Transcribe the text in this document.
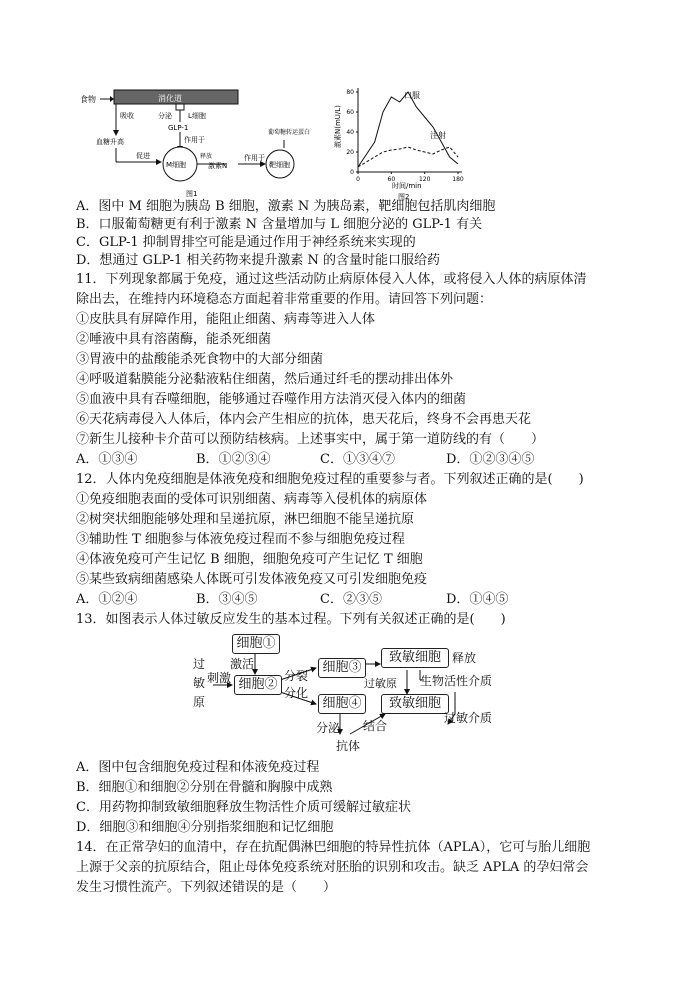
食物	消化道
吸收	分泌 L细胞
GLP-1
作用于
血糖升高
促进
M细胞
释放
激素N
作用于
靶细胞
葡萄糖转运蛋白
图1
0
20
40
60
80
0	60	120	180
激素N(mU/L)
时间/min
口服
注射
图2
A．图中 M 细胞为胰岛 B 细胞，激素 N 为胰岛素，靶细胞包括肌肉细胞
B．口服葡萄糖更有利于激素 N 含量增加与 L 细胞分泌的 GLP-1 有关
C．GLP-1 抑制胃排空可能是通过作用于神经系统来实现的
D．想通过 GLP-1 相关药物来提升激素 N 的含量时能口服给药
11．下列现象都属于免疫，通过这些活动防止病原体侵入人体，或将侵入人体的病原体清
除出去，在维持内环境稳态方面起着非常重要的作用。请回答下列问题：
①皮肤具有屏障作用，能阻止细菌、病毒等进入人体
②唾液中具有溶菌酶，能杀死细菌
③胃液中的盐酸能杀死食物中的大部分细菌
④呼吸道黏膜能分泌黏液粘住细菌，然后通过纤毛的摆动排出体外
⑤血液中具有吞噬细胞，能够通过吞噬作用方法消灭侵入体内的细菌
⑥天花病毒侵入人体后，体内会产生相应的抗体，患天花后，终身不会再患天花
⑦新生儿接种卡介苗可以预防结核病。上述事实中，属于第一道防线的有（　　）
A．①③④	B．①②③④	C．①③④⑦	D．①②③④⑤
12．人体内免疫细胞是体液免疫和细胞免疫过程的重要参与者。下列叙述正确的是(　　)
①免疫细胞表面的受体可识别细菌、病毒等入侵机体的病原体
②树突状细胞能够处理和呈递抗原，淋巴细胞不能呈递抗原
③辅助性 T 细胞参与体液免疫过程而不参与细胞免疫过程
④体液免疫可产生记忆 B 细胞，细胞免疫可产生记忆 T 细胞
⑤某些致病细菌感染人体既可引发体液免疫又可引发细胞免疫
A．①②④	B．③④⑤	C．②③⑤	D．①④⑤
13．如图表示人体过敏反应发生的基本过程。下列有关叙述正确的是(　　)
过
敏
原
刺激
细胞①
激活
细胞②
分裂
分化
细胞③
细胞④
分泌 结合
抗体
致敏细胞
致敏细胞
过敏原
释放
生物活性介质
过敏介质
A．图中包含细胞免疫过程和体液免疫过程
B．细胞①和细胞②分别在骨髓和胸腺中成熟
C．用药物抑制致敏细胞释放生物活性介质可缓解过敏症状
D．细胞③和细胞④分别指浆细胞和记忆细胞
14．在正常孕妇的血清中，存在抗配偶淋巴细胞的特异性抗体（APLA），它可与胎儿细胞
上源于父亲的抗原结合，阻止母体免疫系统对胚胎的识别和攻击。缺乏 APLA 的孕妇常会
发生习惯性流产。下列叙述错误的是（　　）
